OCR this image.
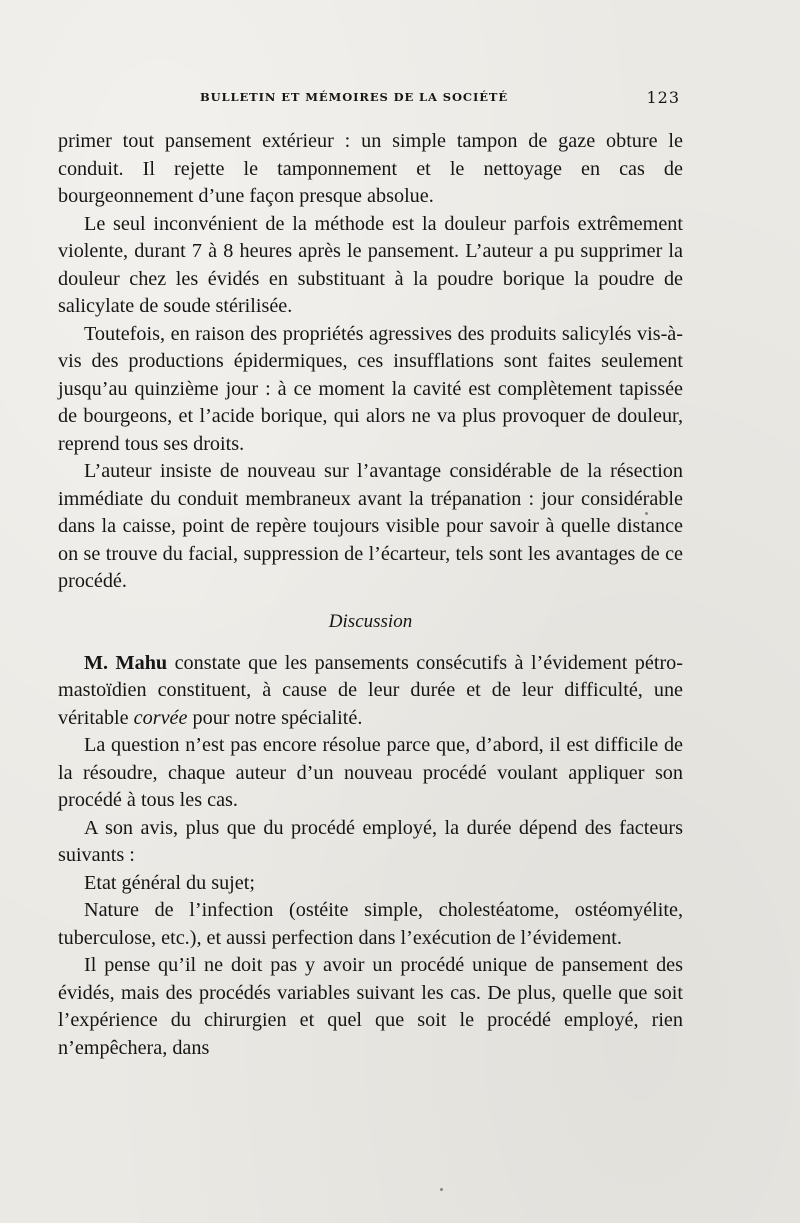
BULLETIN ET MÉMOIRES DE LA SOCIÉTÉ	123

primer tout pansement extérieur : un simple tampon de gaze obture le conduit. Il rejette le tamponnement et le nettoyage en cas de bourgeonnement d’une façon presque absolue.

Le seul inconvénient de la méthode est la douleur parfois extrêmement violente, durant 7 à 8 heures après le pansement. L’auteur a pu supprimer la douleur chez les évidés en substituant à la poudre borique la poudre de salicylate de soude stérilisée.

Toutefois, en raison des propriétés agressives des produits salicylés vis-à-vis des productions épidermiques, ces insufflations sont faites seulement jusqu’au quinzième jour : à ce moment la cavité est complètement tapissée de bourgeons, et l’acide borique, qui alors ne va plus provoquer de douleur, reprend tous ses droits.

L’auteur insiste de nouveau sur l’avantage considérable de la résection immédiate du conduit membraneux avant la trépanation : jour considérable dans la caisse, point de repère toujours visible pour savoir à quelle distance on se trouve du facial, suppression de l’écarteur, tels sont les avantages de ce procédé.

Discussion

M. Mahu constate que les pansements consécutifs à l’évidement pétro-mastoïdien constituent, à cause de leur durée et de leur difficulté, une véritable corvée pour notre spécialité.

La question n’est pas encore résolue parce que, d’abord, il est difficile de la résoudre, chaque auteur d’un nouveau procédé voulant appliquer son procédé à tous les cas.

A son avis, plus que du procédé employé, la durée dépend des facteurs suivants :

Etat général du sujet;

Nature de l’infection (ostéite simple, cholestéatome, ostéomyélite, tuberculose, etc.), et aussi perfection dans l’exécution de l’évidement.

Il pense qu’il ne doit pas y avoir un procédé unique de pansement des évidés, mais des procédés variables suivant les cas. De plus, quelle que soit l’expérience du chirurgien et quel que soit le procédé employé, rien n’empêchera, dans
